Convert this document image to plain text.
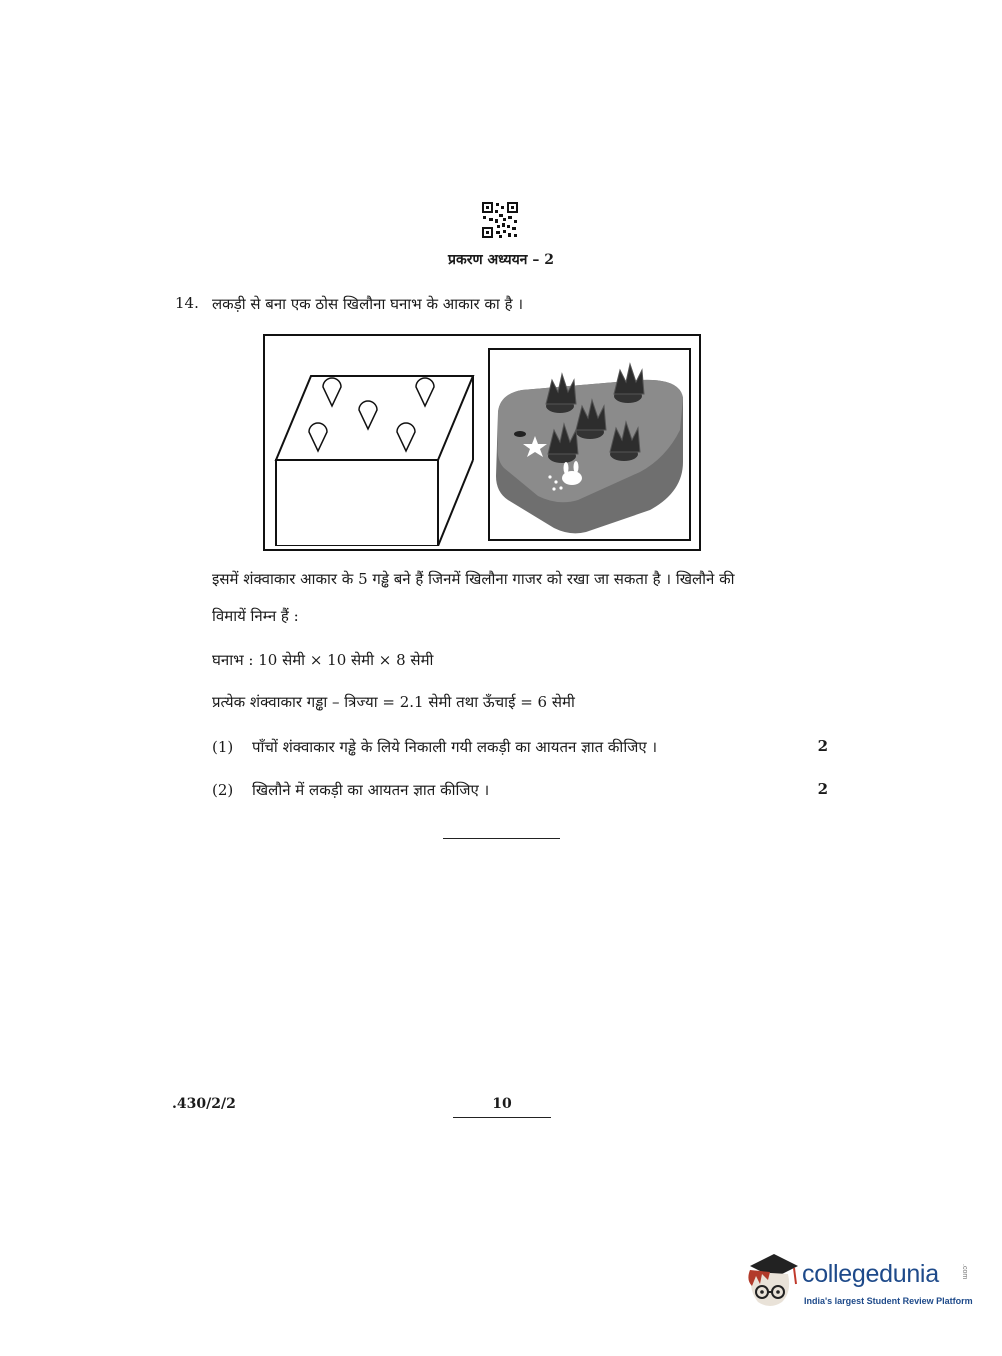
प्रकरण अध्ययन – 2
14. लकड़ी से बना एक ठोस खिलौना घनाभ के आकार का है ।
इसमें शंक्वाकार आकार के 5 गड्ढे बने हैं जिनमें खिलौना गाजर को रखा जा सकता है । खिलौने की
विमायें निम्न हैं :
घनाभ : 10 सेमी × 10 सेमी × 8 सेमी
प्रत्येक शंक्वाकार गड्ढा – त्रिज्या = 2.1 सेमी तथा ऊँचाई = 6 सेमी
(1) पाँचों शंक्वाकार गड्ढे के लिये निकाली गयी लकड़ी का आयतन ज्ञात कीजिए ।	2
(2) खिलौने में लकड़ी का आयतन ज्ञात कीजिए ।	2
.430/2/2	10
collegedunia	.com
India's largest Student Review Platform
